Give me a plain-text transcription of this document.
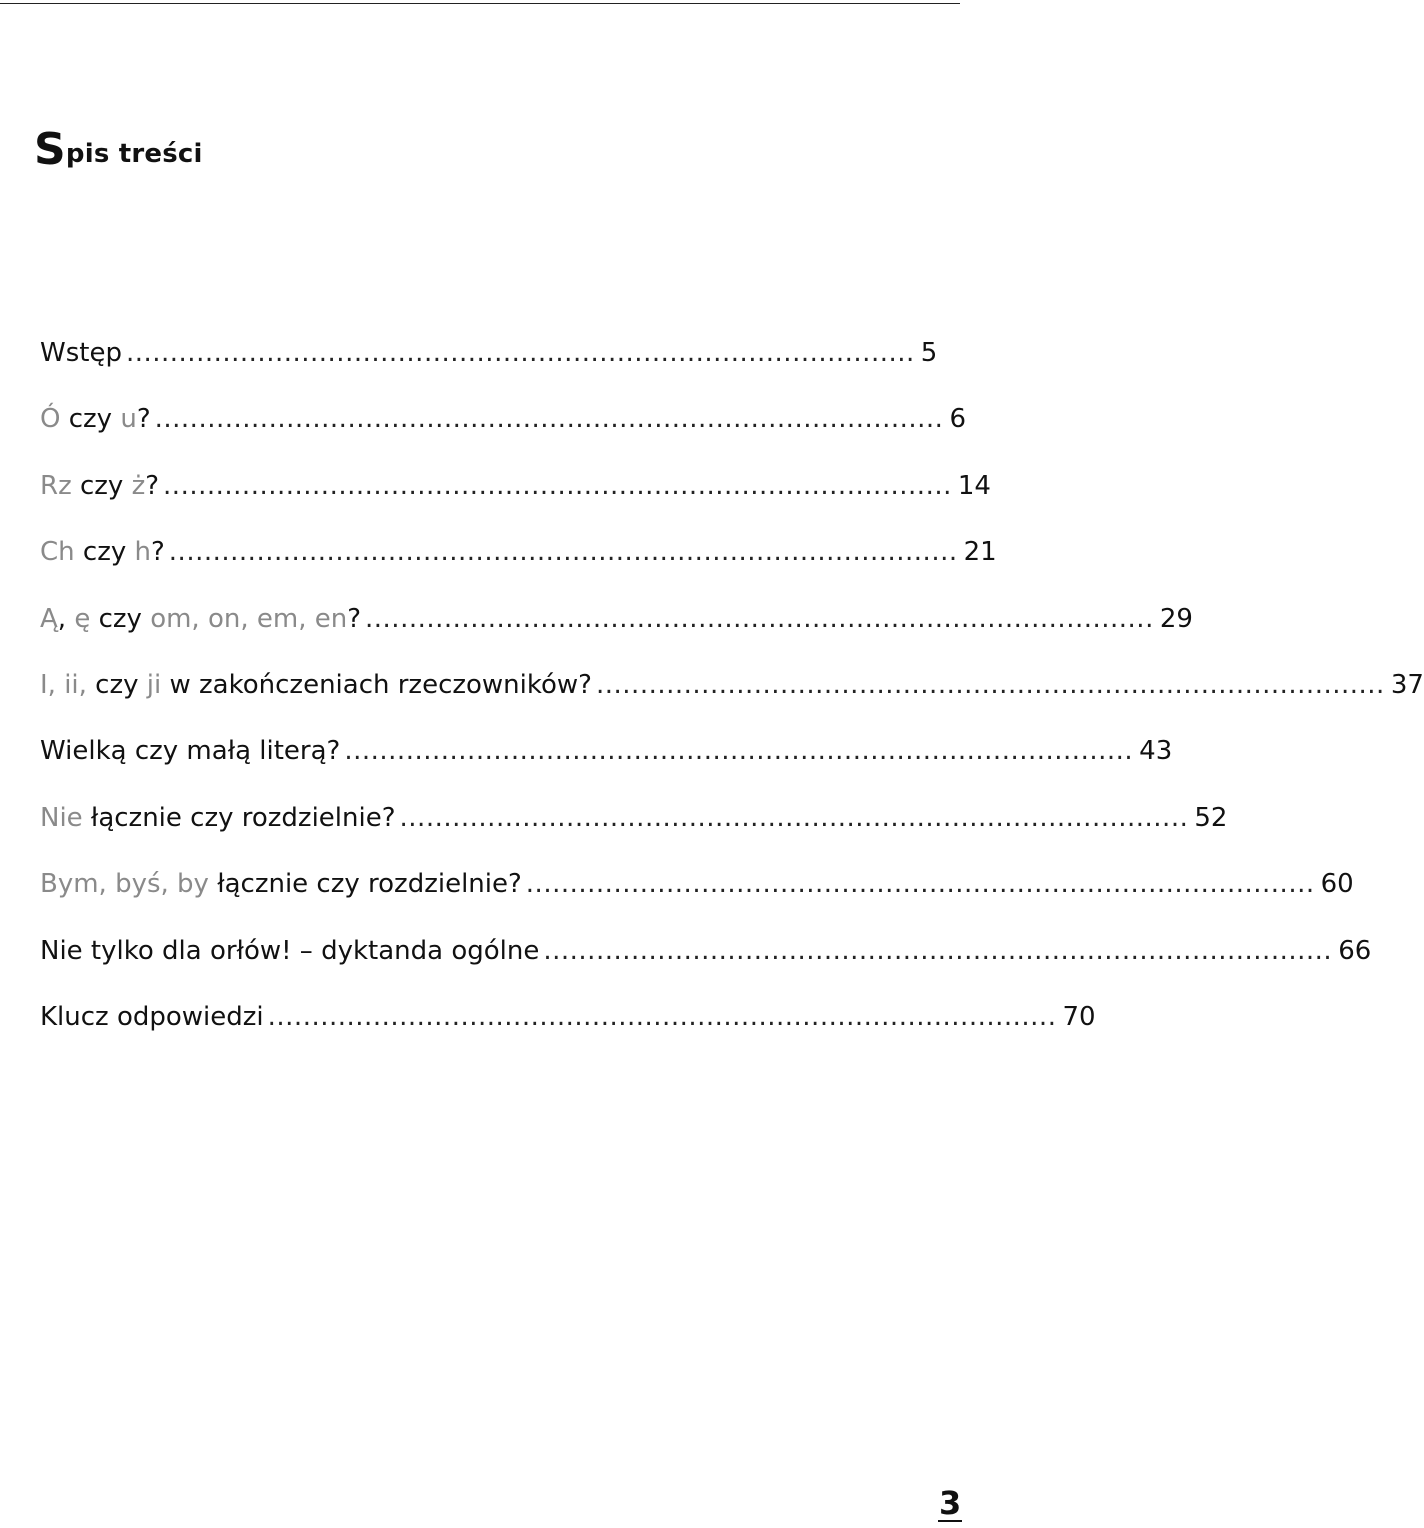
Spis treści
Wstęp .......................................................................................... 5
Ó czy u? .......................................................................................... 6
Rz czy ż? .......................................................................................... 14
Ch czy h? .......................................................................................... 21
Ą, ę czy om, on, em, en? .......................................................................................... 29
I, ii, czy ji w zakończeniach rzeczowników? .......................................................................................... 37
Wielką czy małą literą? .......................................................................................... 43
Nie łącznie czy rozdzielnie? .......................................................................................... 52
Bym, byś, by łącznie czy rozdzielnie? .......................................................................................... 60
Nie tylko dla orłów! – dyktanda ogólne .......................................................................................... 66
Klucz odpowiedzi .......................................................................................... 70
3
